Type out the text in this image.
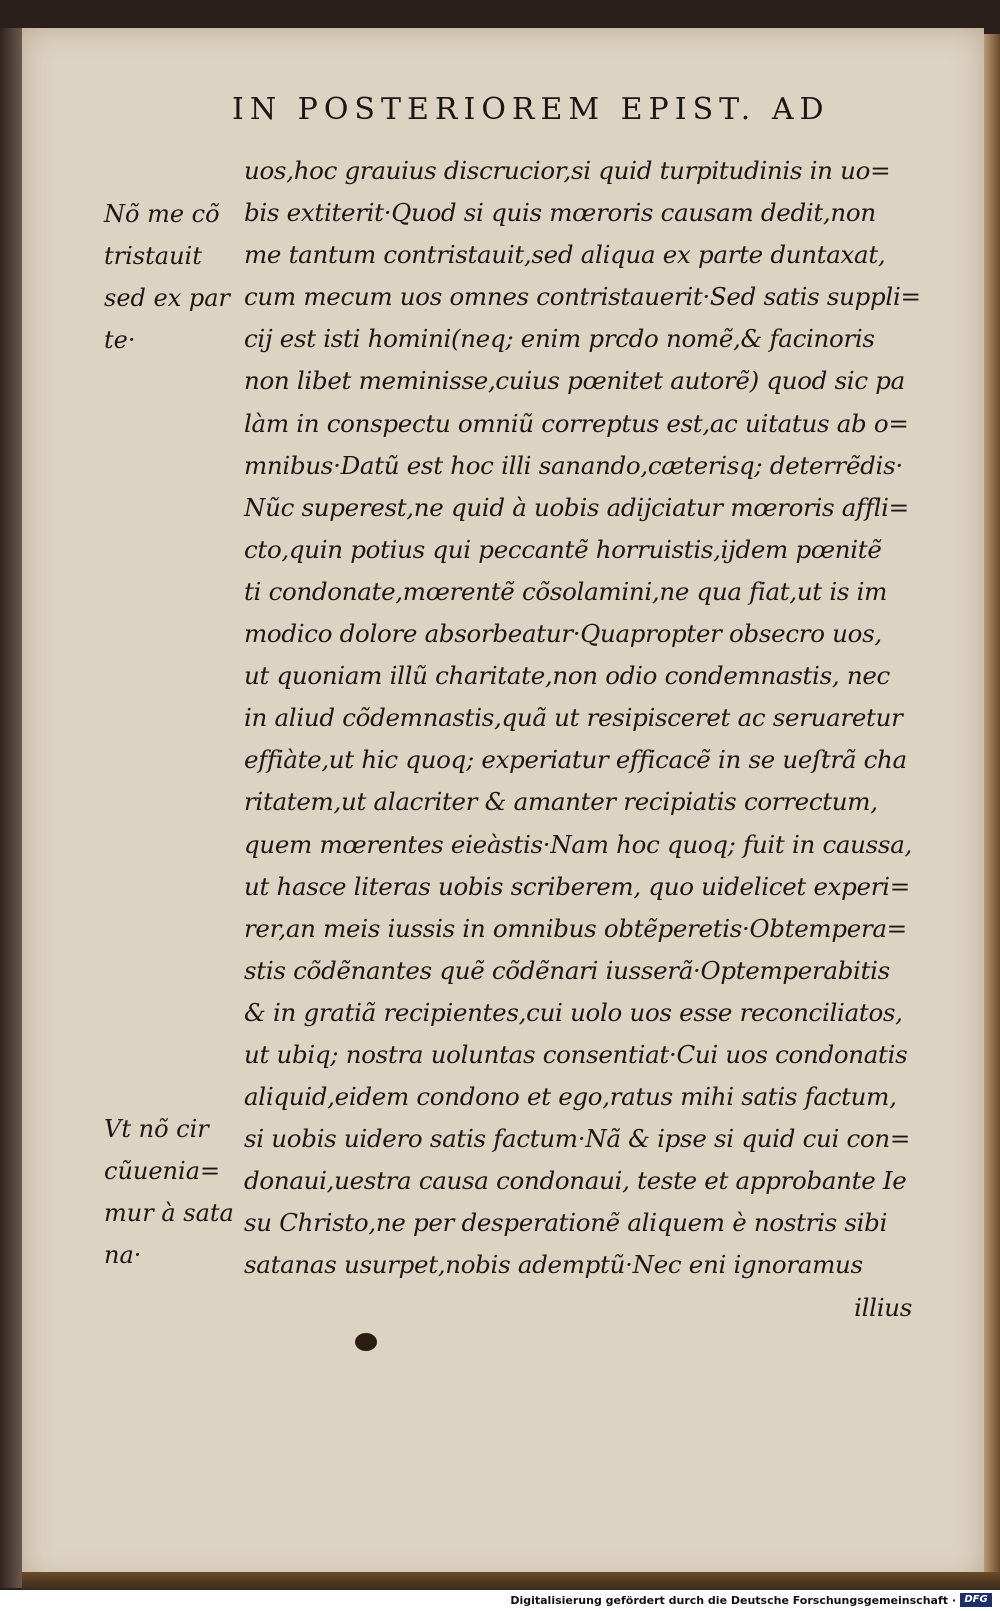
IN POSTERIOREM EPIST. AD
Nõ me cõ
tristauit
sed ex par
te·
Vt nõ cir
cũuenia=
mur à sata
na·
uos,hoc grauius discrucior,si quid turpitudinis in uo=
bis extiterit·Quod si quis mœroris causam dedit,non
me tantum contristauit,sed aliqua ex parte duntaxat,
cum mecum uos omnes contristauerit·Sed satis suppli=
cij est isti homini(neq; enim prcdo nomẽ,& facinoris
non libet meminisse,cuius pœnitet autorẽ) quod sic pa
làm in conspectu omniũ correptus est,ac uitatus ab o=
mnibus·Datũ est hoc illi sanando,cæterisq; deterrẽdis·
Nũc superest,ne quid à uobis adijciatur mœroris affli=
cto,quin potius qui peccantẽ horruistis,ijdem pœnitẽ
ti condonate,mœrentẽ cõsolamini,ne qua fiat,ut is im
modico dolore absorbeatur·Quapropter obsecro uos,
ut quoniam illũ charitate,non odio condemnastis, nec
in aliud cõdemnastis,quã ut resipisceret ac seruaretur
effiàte,ut hic quoq; experiatur efficacẽ in se ueſtrã cha
ritatem,ut alacriter & amanter recipiatis correctum,
quem mœrentes eieàstis·Nam hoc quoq; fuit in caussa,
ut hasce literas uobis scriberem, quo uidelicet experi=
rer,an meis iussis in omnibus obtẽperetis·Obtempera=
stis cõdẽnantes quẽ cõdẽnari iusserã·Optemperabitis
& in gratiã recipientes,cui uolo uos esse reconciliatos,
ut ubiq; nostra uoluntas consentiat·Cui uos condonatis
aliquid,eidem condono et ego,ratus mihi satis factum,
si uobis uidero satis factum·Nã & ipse si quid cui con=
donaui,uestra causa condonaui, teste et approbante Ie
su Christo,ne per desperationẽ aliquem è nostris sibi
satanas usurpet,nobis ademptũ·Nec eni ignoramus
illius
Digitalisierung gefördert durch die Deutsche Forschungsgemeinschaft · DFG
